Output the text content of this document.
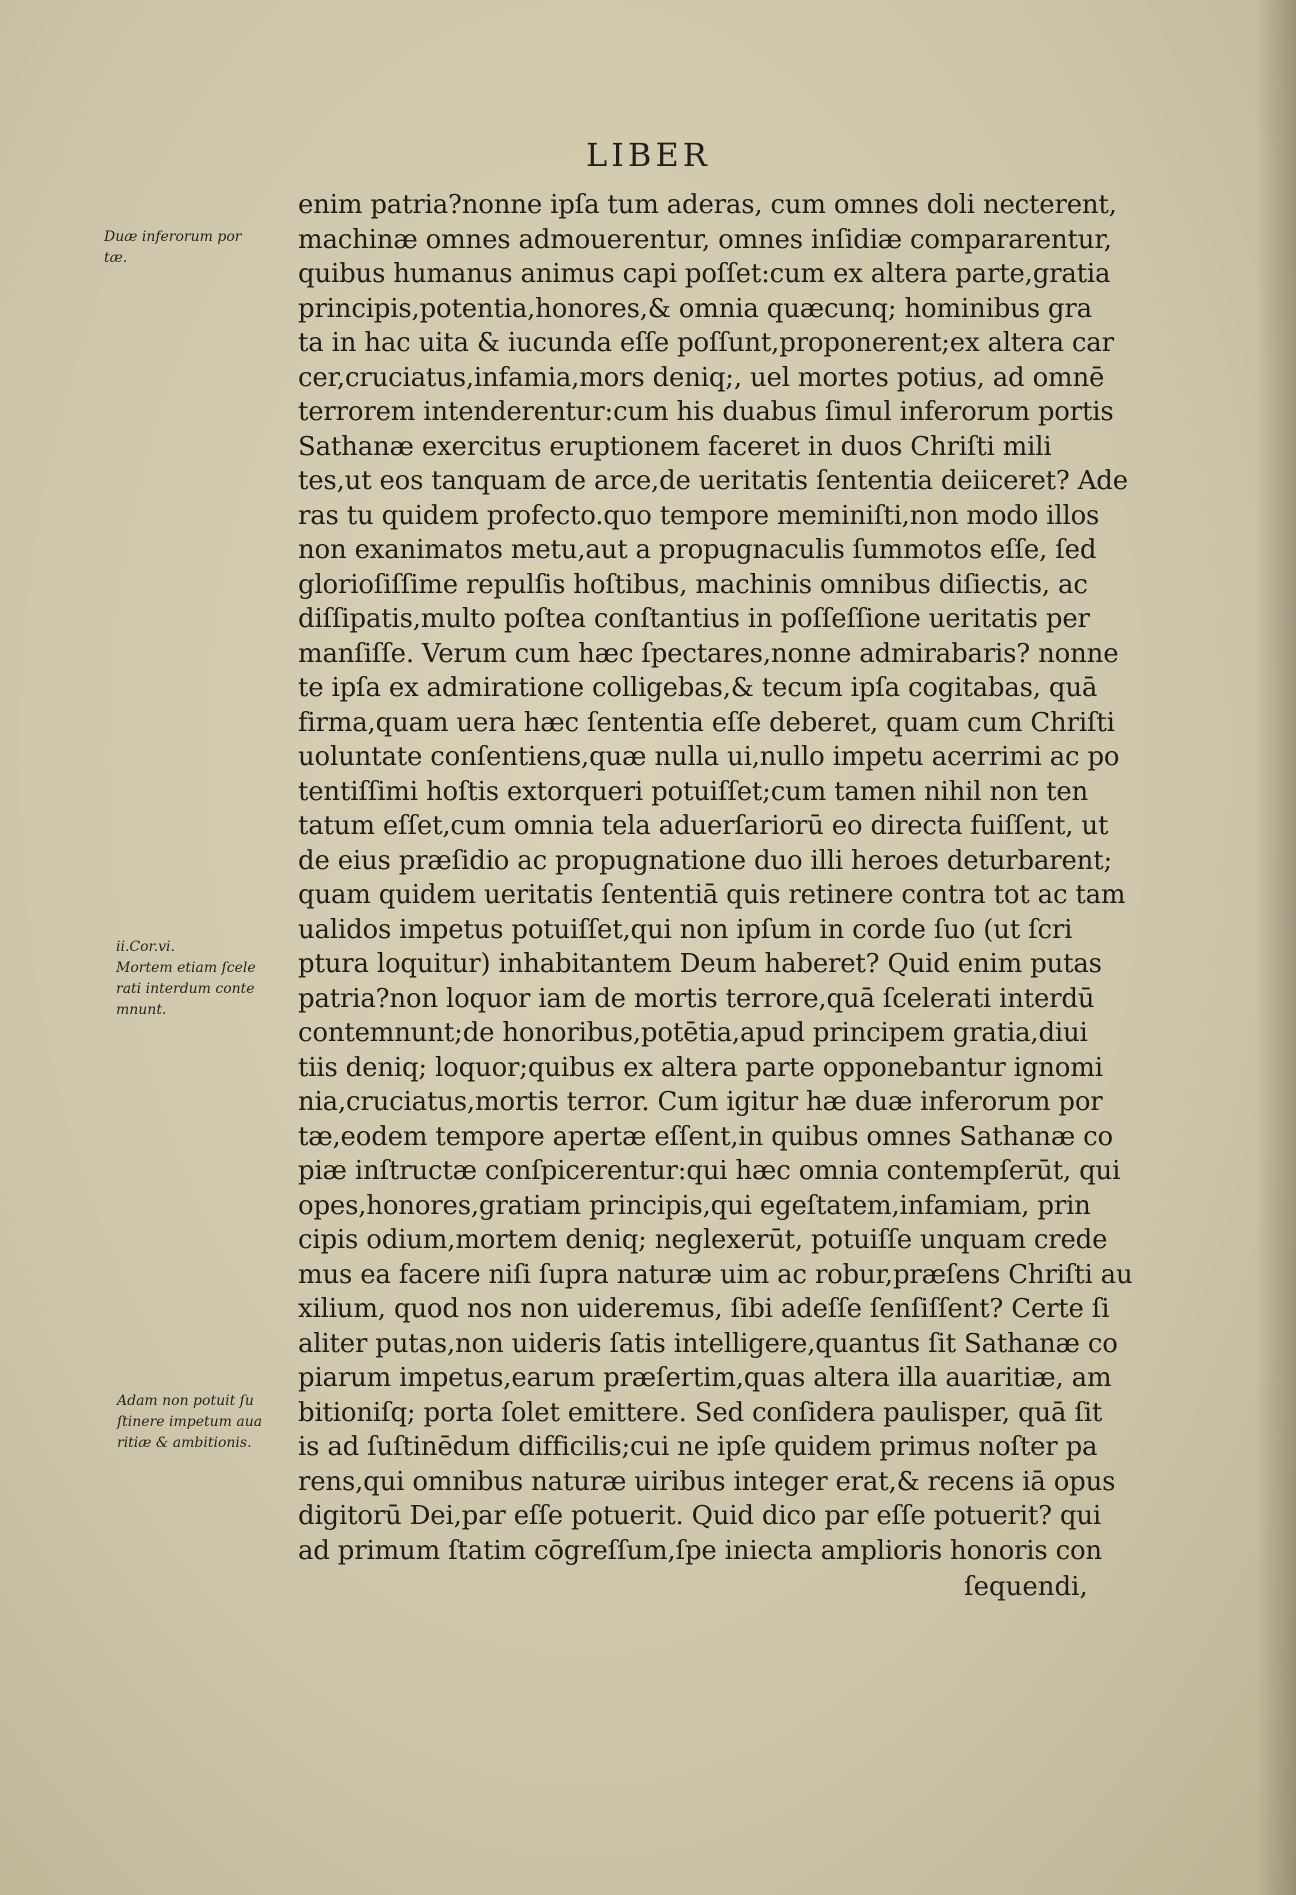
LIBER
Duæ inferorum por
tæ.
ii.Cor.vi.
Mortem etiam ſcele
rati interdum conte
mnunt.
Adam non potuit ſu
ſtinere impetum aua
ritiæ & ambitionis.
enim patria?nonne ipſa tum aderas, cum omnes doli necterent,
machinæ omnes admouerentur, omnes inſidiæ compararentur,
quibus humanus animus capi poſſet:cum ex altera parte,gratia
principis,potentia,honores,& omnia quæcunq; hominibus gra
ta in hac uita & iucunda eſſe poſſunt,proponerent;ex altera car
cer,cruciatus,infamia,mors deniq;, uel mortes potius, ad omnē
terrorem intenderentur:cum his duabus ſimul inferorum portis
Sathanæ exercitus eruptionem faceret in duos Chriſti mili
tes,ut eos tanquam de arce,de ueritatis ſententia deiiceret? Ade
ras tu quidem profecto.quo tempore meminiſti,non modo illos
non exanimatos metu,aut a propugnaculis ſummotos eſſe, ſed
glorioſiſſime repulſis hoſtibus, machinis omnibus diſiectis, ac
diſſipatis,multo poſtea conſtantius in poſſeſſione ueritatis per
manſiſſe. Verum cum hæc ſpectares,nonne admirabaris? nonne
te ipſa ex admiratione colligebas,& tecum ipſa cogitabas, quā
firma,quam uera hæc ſententia eſſe deberet, quam cum Chriſti
uoluntate conſentiens,quæ nulla ui,nullo impetu acerrimi ac po
tentiſſimi hoſtis extorqueri potuiſſet;cum tamen nihil non ten
tatum eſſet,cum omnia tela aduerſariorū eo directa fuiſſent, ut
de eius præſidio ac propugnatione duo illi heroes deturbarent;
quam quidem ueritatis ſententiā quis retinere contra tot ac tam
ualidos impetus potuiſſet,qui non ipſum in corde ſuo (ut ſcri
ptura loquitur) inhabitantem Deum haberet? Quid enim putas
patria?non loquor iam de mortis terrore,quā ſcelerati interdū
contemnunt;de honoribus,potētia,apud principem gratia,diui
tiis deniq; loquor;quibus ex altera parte opponebantur ignomi
nia,cruciatus,mortis terror. Cum igitur hæ duæ inferorum por
tæ,eodem tempore apertæ eſſent,in quibus omnes Sathanæ co
piæ inſtructæ conſpicerentur:qui hæc omnia contempſerūt, qui
opes,honores,gratiam principis,qui egeſtatem,infamiam, prin
cipis odium,mortem deniq; neglexerūt, potuiſſe unquam crede
mus ea facere niſi ſupra naturæ uim ac robur,præſens Chriſti au
xilium, quod nos non uideremus, ſibi adeſſe ſenſiſſent? Certe ſi
aliter putas,non uideris ſatis intelligere,quantus ſit Sathanæ co
piarum impetus,earum præſertim,quas altera illa auaritiæ, am
bitioniſq; porta ſolet emittere. Sed conſidera paulisper, quā ſit
is ad ſuſtinēdum difficilis;cui ne ipſe quidem primus noſter pa
rens,qui omnibus naturæ uiribus integer erat,& recens iā opus
digitorū Dei,par eſſe potuerit. Quid dico par eſſe potuerit? qui
ad primum ſtatim cōgreſſum,ſpe iniecta amplioris honoris con
ſequendi,
